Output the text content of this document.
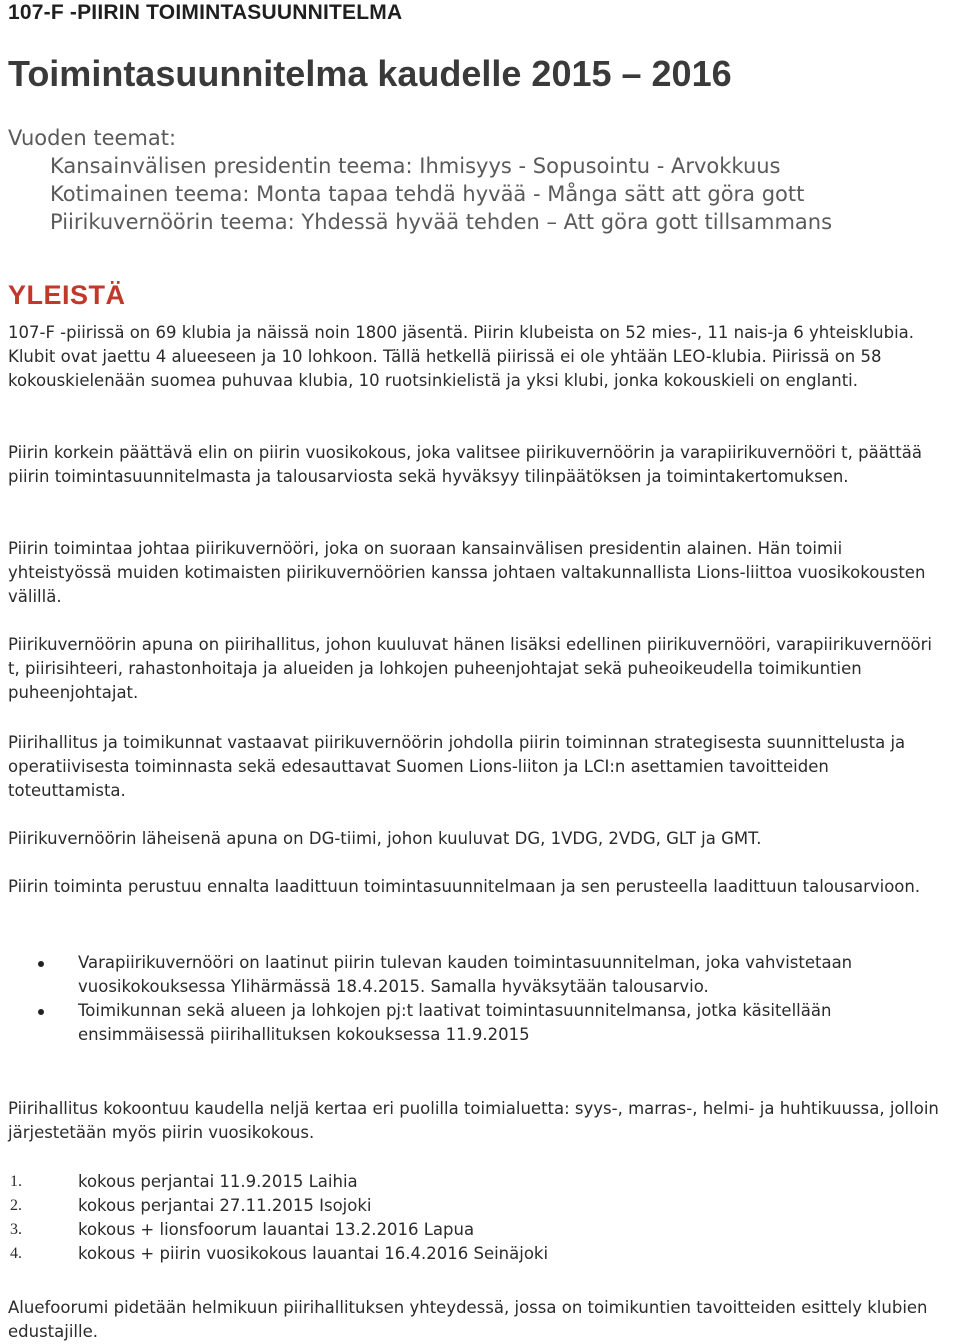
107-F -PIIRIN TOIMINTASUUNNITELMA
Toimintasuunnitelma kaudelle 2015 – 2016
Vuoden teemat:
Kansainvälisen presidentin teema: Ihmisyys - Sopusointu - Arvokkuus
Kotimainen teema: Monta tapaa tehdä hyvää - Många sätt att göra gott
Piirikuvernöörin teema: Yhdessä hyvää tehden – Att göra gott tillsammans
YLEISTÄ

107-F -piirissä on 69 klubia ja näissä noin 1800 jäsentä. Piirin klubeista on 52 mies-, 11 nais-ja 6 yhteisklubia. Klubit ovat jaettu 4 alueeseen ja 10 lohkoon. Tällä hetkellä piirissä ei ole yhtään LEO-klubia. Piirissä on 58 kokouskielenään suomea puhuvaa klubia, 10 ruotsinkielistä ja yksi klubi, jonka kokouskieli on englanti.

Piirin korkein päättävä elin on piirin vuosikokous, joka valitsee piirikuvernöörin ja varapiirikuvernööri t, päättää piirin toimintasuunnitelmasta ja talousarviosta sekä hyväksyy tilinpäätöksen ja toimintakertomuksen.

Piirin toimintaa johtaa piirikuvernööri, joka on suoraan kansainvälisen presidentin alainen. Hän toimii yhteistyössä muiden kotimaisten piirikuvernöörien kanssa johtaen valtakunnallista Lions-liittoa vuosikokousten välillä.

Piirikuvernöörin apuna on piirihallitus, johon kuuluvat hänen lisäksi edellinen piirikuvernööri, varapiirikuvernööri t, piirisihteeri, rahastonhoitaja ja alueiden ja lohkojen puheenjohtajat sekä puheoikeudella toimikuntien puheenjohtajat.

Piirihallitus ja toimikunnat vastaavat piirikuvernöörin johdolla piirin toiminnan strategisesta suunnittelusta ja operatiivisesta toiminnasta sekä edesauttavat Suomen Lions-liiton ja LCI:n asettamien tavoitteiden toteuttamista.

Piirikuvernöörin läheisenä apuna on DG-tiimi, johon kuuluvat DG, 1VDG, 2VDG, GLT ja GMT.

Piirin toiminta perustuu ennalta laadittuun toimintasuunnitelmaan ja sen perusteella laadittuun talousarvioon.

Varapiirikuvernööri on laatinut piirin tulevan kauden toimintasuunnitelman, joka vahvistetaan vuosikokouksessa Ylihärmässä 18.4.2015. Samalla hyväksytään talousarvio.
Toimikunnan sekä alueen ja lohkojen pj:t laativat toimintasuunnitelmansa, jotka käsitellään ensimmäisessä piirihallituksen kokouksessa 11.9.2015

Piirihallitus kokoontuu kaudella neljä kertaa eri puolilla toimialuetta: syys-, marras-, helmi- ja huhtikuussa, jolloin järjestetään myös piirin vuosikokous.

1.	kokous perjantai 11.9.2015 Laihia
2.	kokous perjantai 27.11.2015 Isojoki
3.	kokous + lionsfoorum lauantai 13.2.2016 Lapua
4.	kokous + piirin vuosikokous lauantai 16.4.2016 Seinäjoki

Aluefoorumi pidetään helmikuun piirihallituksen yhteydessä, jossa on toimikuntien tavoitteiden esittely klubien edustajille.
